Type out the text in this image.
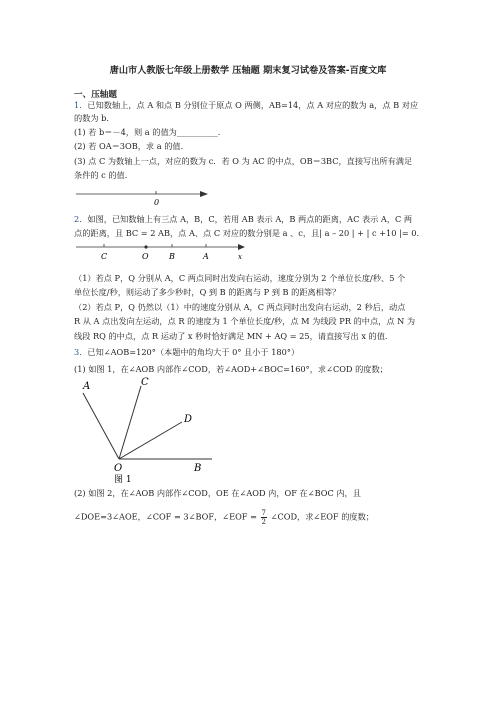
唐山市人教版七年级上册数学 压轴题 期末复习试卷及答案-百度文库
一、压轴题
1．已知数轴上，点 A 和点 B 分别位于原点 O 两侧，AB=14，点 A 对应的数为 a，点 B 对应
的数为 b.
(1) 若 b＝－4，则 a 的值为__________.
(2) 若 OA＝3OB，求 a 的值.
(3) 点 C 为数轴上一点，对应的数为 c．若 O 为 AC 的中点，OB＝3BC，直接写出所有满足
条件的 c 的值.
0
2．如图，已知数轴上有三点 A，B，C，若用 AB 表示 A，B 两点的距离，AC 表示 A，C 两
点的距离，且 BC = 2 AB，点 A、点 C 对应的数分别是 a 、c，且| a – 20 | + | c +10 |= 0．
C	O	B	A	x
（1）若点 P，Q 分别从 A，C 两点同时出发向右运动，速度分别为 2 个单位长度/秒、5 个
单位长度/秒，则运动了多少秒时，Q 到 B 的距离与 P 到 B 的距离相等？
（2）若点 P，Q 仍然以（1）中的速度分别从 A，C 两点同时出发向右运动，2 秒后，动点
R 从 A 点出发向左运动，点 R 的速度为 1 个单位长度/秒，点 M 为线段 PR 的中点，点 N 为
线段 RQ 的中点，点 R 运动了 x 秒时恰好满足 MN + AQ = 25，请直接写出 x 的值.
3．已知∠AOB=120°（本题中的角均大于 0° 且小于 180°）
(1) 如图 1，在∠AOB 内部作∠COD，若∠AOD+∠BOC=160°，求∠COD 的度数；
A	C
D
O	B
图 1
(2) 如图 2，在∠AOB 内部作∠COD，OE 在∠AOD 内，OF 在∠BOC 内，且
∠DOE=3∠AOE，∠COF = 3∠BOF，∠EOF = $\frac{7}{2}$ ∠COD，求∠EOF 的度数；
